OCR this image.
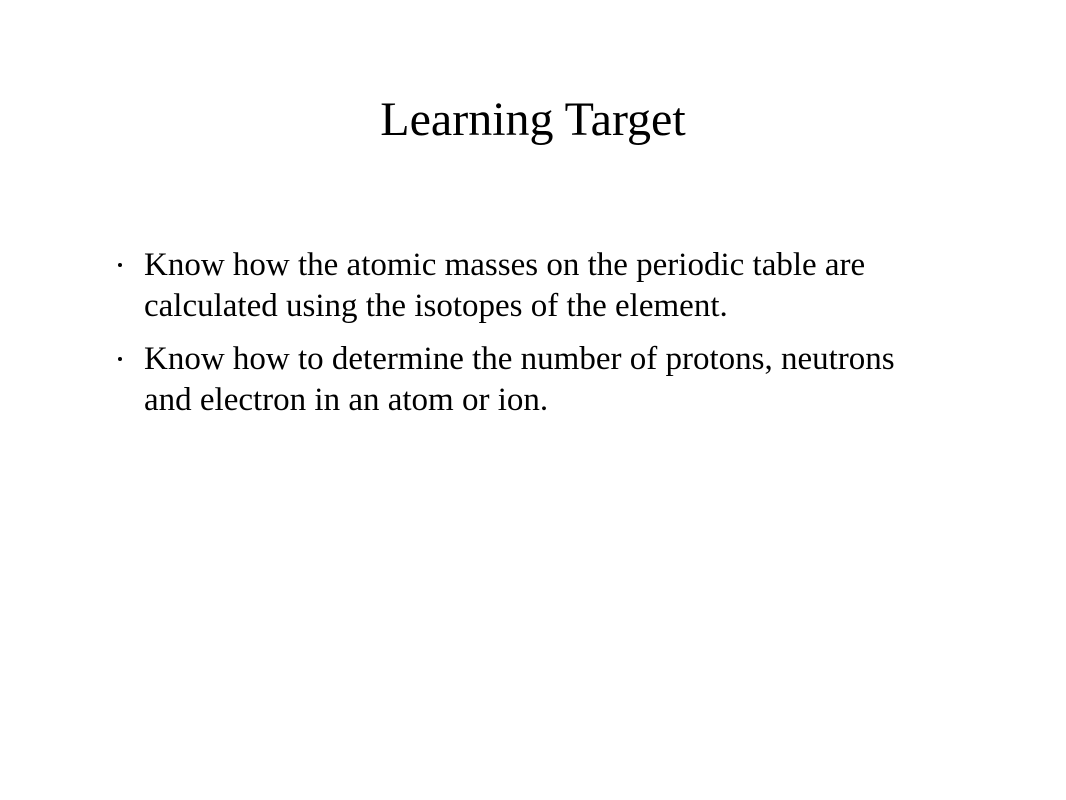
Learning Target
Know how the atomic masses on the periodic table are calculated using the isotopes of the element.
Know how to determine the number of protons, neutrons and electron in an atom or ion.
